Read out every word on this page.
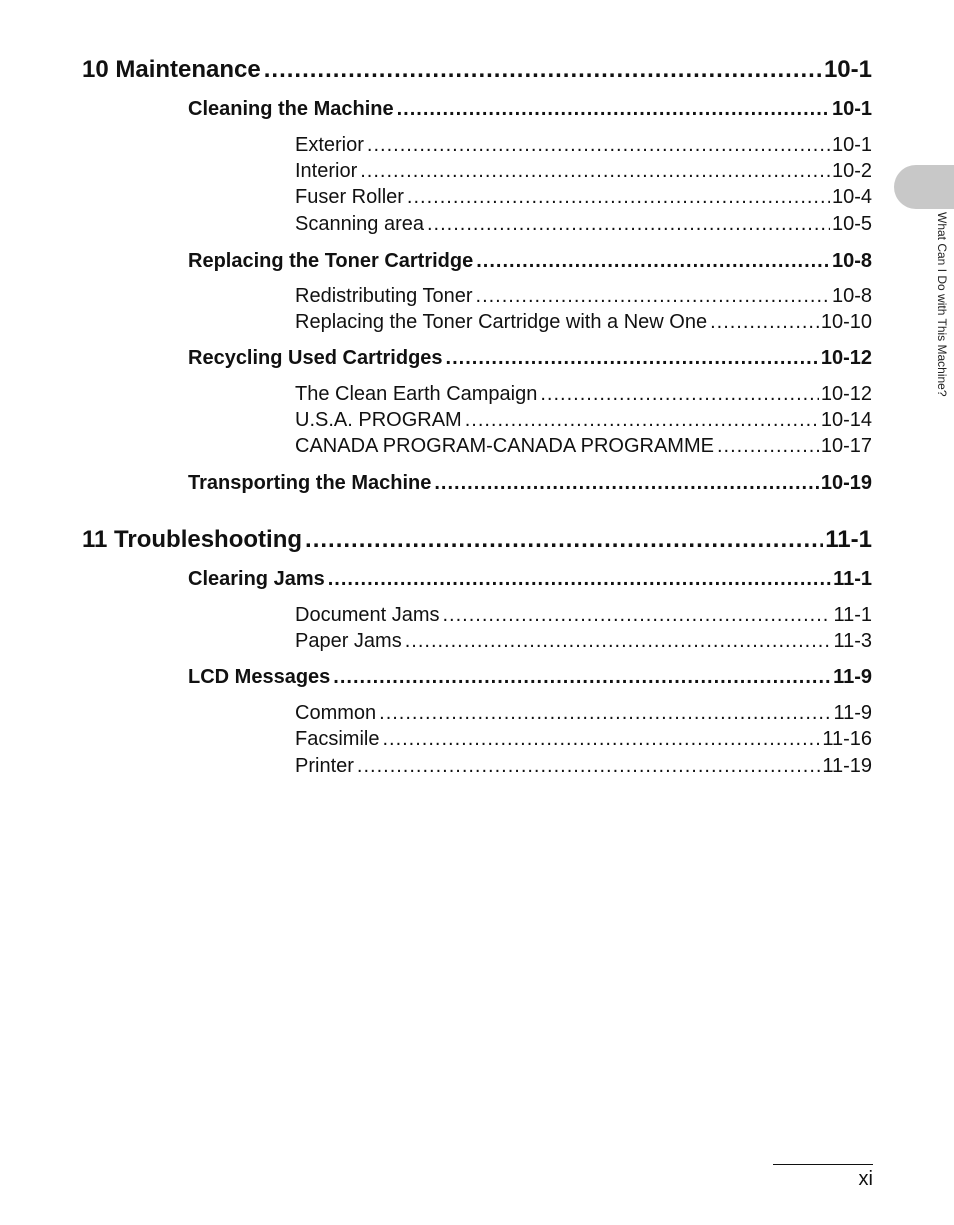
10 Maintenance .....	10-1
Cleaning the Machine .....	10-1
Exterior .....	10-1
Interior .....	10-2
Fuser Roller .....	10-4
Scanning area .....	10-5
Replacing the Toner Cartridge .....	10-8
Redistributing Toner .....	10-8
Replacing the Toner Cartridge with a New One .....	10-10
Recycling Used Cartridges .....	10-12
The Clean Earth Campaign .....	10-12
U.S.A. PROGRAM .....	10-14
CANADA PROGRAM-CANADA PROGRAMME .....	10-17
Transporting the Machine .....	10-19
11 Troubleshooting .....	11-1
Clearing Jams .....	11-1
Document Jams .....	11-1
Paper Jams .....	11-3
LCD Messages .....	11-9
Common .....	11-9
Facsimile .....	11-16
Printer .....	11-19
What Can I Do with This Machine?
xi
